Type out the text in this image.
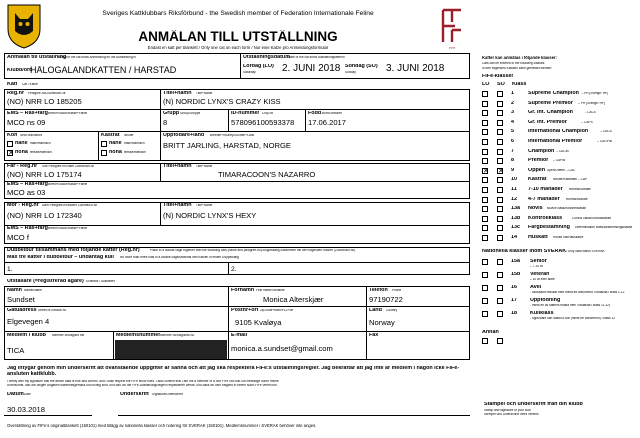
Sveriges Kattklubbars Riksförbund - the Swedish member of Federation Internationale Feline
ANMÄLAN TILL UTSTÄLLNING
Endast en katt per blankett / Only one cat on each form / Nur eine Katze pro Anmeldungsformular	FIFe
Anmälan till utställning
Entry for the cat show Anmeldung für die Ausstellung in
Klubb/ort:
HÅLOGALANDKATTEN / HARSTAD
Utställningsdatum
Date of the cat show Ausstellungstermin
Lördag (LÖ)
Saturday	2. JUNI 2018 Söndag (SÖ)
Sunday	3. JUNI 2018
Katt Cat / Katze
Reg.nr Pedigree-no/Zuchtbuch-Nr
(NO) NRR LO 185205
Titel+namn Title+Name
(N) NORDIC LYNX'S CRAZY KISS
EMS – Ras+färg Breed+colour/Rasse+Farbe
MCO ns 09
Grupp Group/Gruppe
8
ID-nummer Chip-no
578096100593378
Född Born/Geboren
17.06.2017
Kön Sex/Geschlecht
hane male/männlich
✕ hona female/weiblich
Kastrat Neuter
hane male/männlich
hona female/weiblich
Uppfödare+land Breeder+country/Züchter+Land
BRITT JARLING, HARSTAD, NORGE
Far - Reg.nr Sire Pedigree-no/Vater Zuchtbuch-Nr
(NO) NRR LO 175174
Titel+namn Title+Name
TIMARACOON'S NAZARRO
EMS – Ras+färg Breed+colour/Rasse+Farbe
MCO as 03
Mor - Reg.nr Dam Pedigree-no/Mutter Zuchtbuch-Nr
(NO) NRR LO 172340
Titel+namn Title+Name
(N) NORDIC LYNX'S HEXY
EMS – Ras+färg Breed+colour/Rasse+Farbe
MCO f
Dubbelbur tillsammans med följande katter (Reg.nr)	Place in a double cage together with the following cats (name and pedigree-no)/Doppelkäfig zusammen mit den folgenden Katzen (Zuchtbuch-Nr)
Max tre katter i dubbelbur – undantag kull No more than three cats in a double cage/Maximal drei Katzen in einem Doppelkäfig
1.	2.
Utställare (=registrerad ägare) Exhibitor / Aussteller
Namn Name/Name
Sundset
Förnamn First name/Vorname
Monica Alterskjær
Telefon Phone
97190722
Gatuadress Street-nr./Straße-Nr.
Elgevegen 4
Postnr+ort Zip-code+town/PLZ+ort
9105 Kvaløya
Land Country
Norway
Medlem i klubb Member of/Mitglied bei
TICA
Medlemsnummer Member no/Mitglieds-Nr.	E-mail
monica.a.sundset@gmail.com
Fax
Jag intygar genom min underskrift att ovanstående uppgifter är sanna och att jag ska respektera FIFe:s utställningsregler. Jag bekräftar att jag inte är medlem i någon icke FIFe-ansluten kattklubb.
I certify with my signature that the above data is true and correct, and I shall respect the FIFe show rules. I also confirm that I am not a member of a non FIFe cat club./Ich bestätige durch meine
Unterschrift, daß die obigen Angaben wahrheitsgemäss und richtig sind, und daß ich die FIFe-Ausstellungsregeln respektieren werde, und dass ich kein Mitglied in einem Nicht-FIFe Verein bin.
Datum Date
30.03.2018
Underskrift Signature/Unterschrift
Stämpel och underskrift från din klubb
Stamp and signature of your club
Stempel und Unterschrift Ihres Vereins
Översättning av FIFe:s originalblankett (150101) med tillägg av nationella klasser och notering för SVERAK (150101). Medlemsnummer i SVERAK behöver inte anges.
Katter kan anmälas i följande klasser:
Cats can be entered in the following classes:
In den folgenden Klassen kann gemeldet werden:
FIFe-klasser
LÖ SÖ Klass
1	Supreme Champion – PH [Sverige: HP]
2	Supreme Premior – PH [Sverige: HP]
3	Gr. Int. Champion	– CACS
4	Gr. Int. Premior	– CAPS
5	International Champion	– CACS
6	International Premior	– CAGPIB
7	Champion – CACIB
8	Premior – CAPIB
✕ ✕ 9	Öppen Open/Offene – CAC
10	Kastrat Neuter/Kastraten – CAP
11	7-10 månader months/Monate
12	4-7 månader months/Monate
13a	Novis Novice class/Novizenklasse
13b	Kontrollklass	Control class/Kontrollklasse
13c	Färgbestämning Determination class/Bestimmungsklasse
14	Huskatt House cat/Hauskatze
15a	Senior
– 7-10 år
15b	Veteran
– 10 år eller äldre
16	Avel
- ökönsamt resultat med minst tre avkommor i utställda i klass 1-12
17	Uppfödning
- minst en av kattens mästa men i utställda i klass 11-12)
18	Kullklass
- uppfödare kan ställa ut kull (minst tre avkommor) i klass 12
Nationella klasser inom SVERAK / Only valid within SVERAK
Annan
